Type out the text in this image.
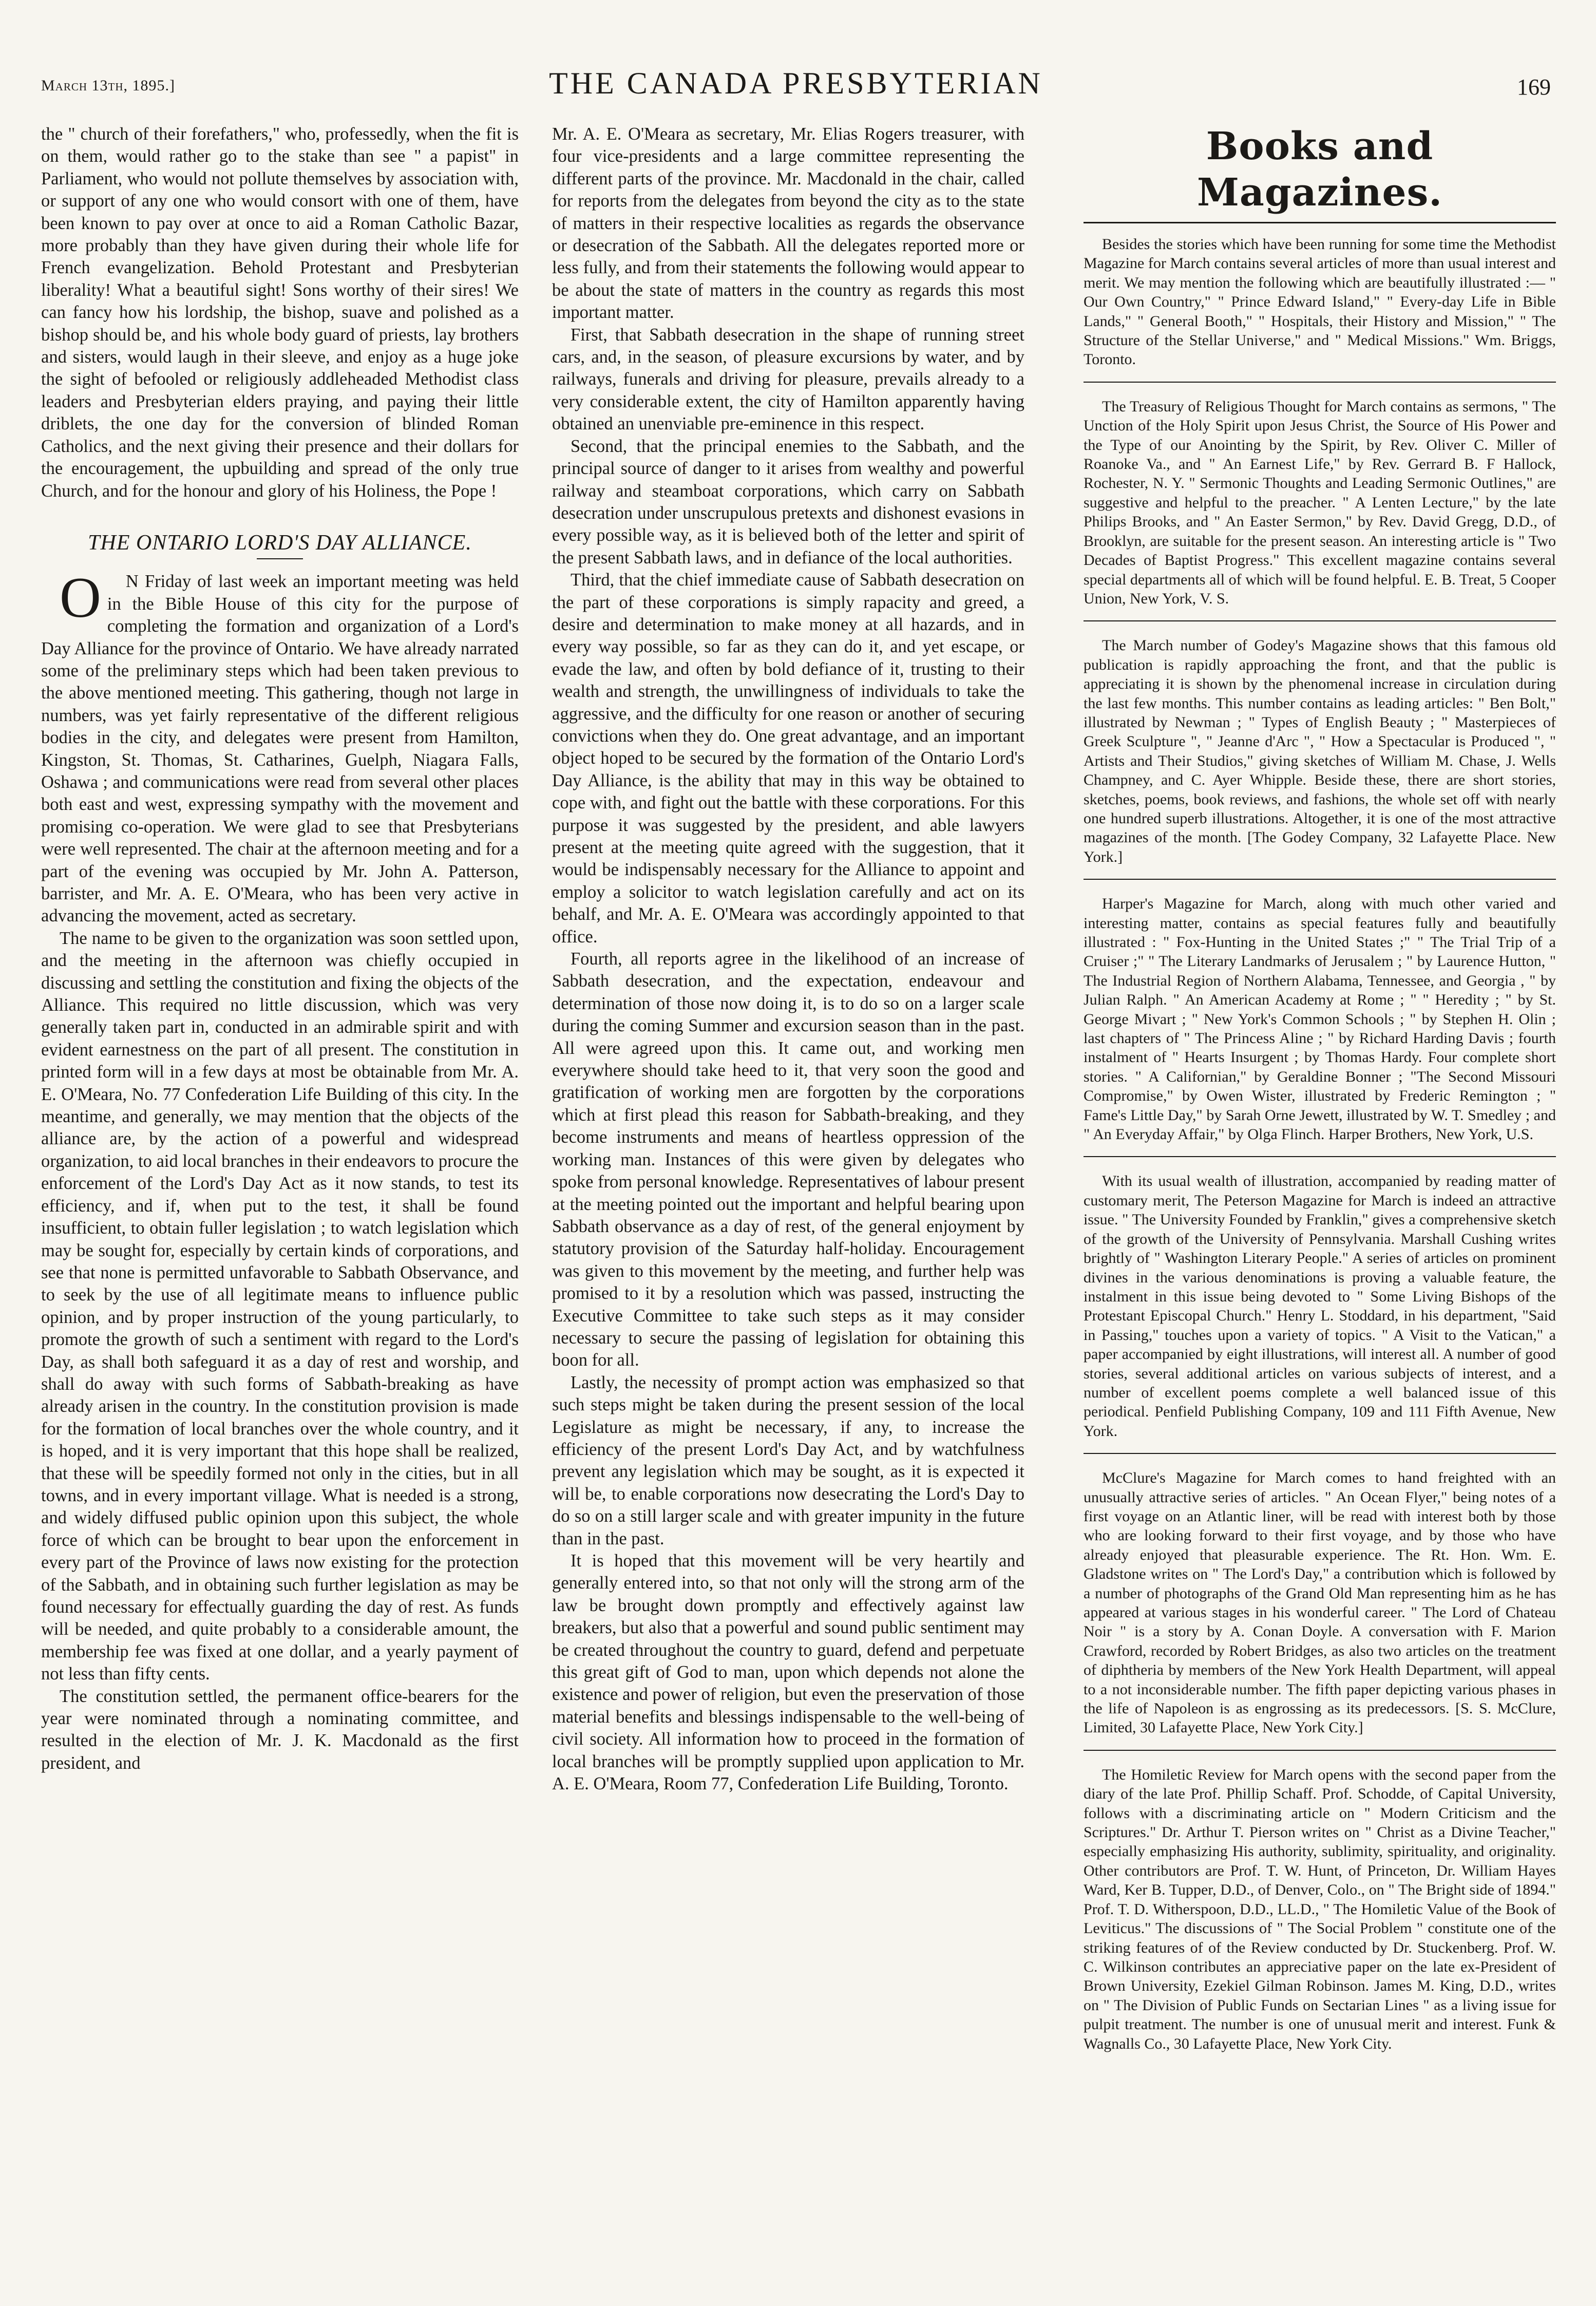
March 13th, 1895.]	THE CANADA PRESBYTERIAN	169

the " church of their forefathers," who, professedly, when the fit is on them, would rather go to the stake than see " a papist" in Parliament, who would not pollute themselves by association with, or support of any one who would consort with one of them, have been known to pay over at once to aid a Roman Catholic Bazar, more probably than they have given during their whole life for French evangelization. Behold Protestant and Presbyterian liberality! What a beautiful sight! Sons worthy of their sires! We can fancy how his lordship, the bishop, suave and polished as a bishop should be, and his whole body guard of priests, lay brothers and sisters, would laugh in their sleeve, and enjoy as a huge joke the sight of befooled or religiously addleheaded Methodist class leaders and Presbyterian elders praying, and paying their little driblets, the one day for the conversion of blinded Roman Catholics, and the next giving their presence and their dollars for the encouragement, the upbuilding and spread of the only true Church, and for the honour and glory of his Holiness, the Pope !

THE ONTARIO LORD'S DAY ALLIANCE.

O N Friday of last week an important meeting was held in the Bible House of this city for the purpose of completing the formation and organization of a Lord's Day Alliance for the province of Ontario. We have already narrated some of the preliminary steps which had been taken previous to the above mentioned meeting. This gathering, though not large in numbers, was yet fairly representative of the different religious bodies in the city, and delegates were present from Hamilton, Kingston, St. Thomas, St. Catharines, Guelph, Niagara Falls, Oshawa ; and communications were read from several other places both east and west, expressing sympathy with the movement and promising co-operation. We were glad to see that Presbyterians were well represented. The chair at the afternoon meeting and for a part of the evening was occupied by Mr. John A. Patterson, barrister, and Mr. A. E. O'Meara, who has been very active in advancing the movement, acted as secretary.

The name to be given to the organization was soon settled upon, and the meeting in the afternoon was chiefly occupied in discussing and settling the constitution and fixing the objects of the Alliance. This required no little discussion, which was very generally taken part in, conducted in an admirable spirit and with evident earnestness on the part of all present. The constitution in printed form will in a few days at most be obtainable from Mr. A. E. O'Meara, No. 77 Confederation Life Building of this city. In the meantime, and generally, we may mention that the objects of the alliance are, by the action of a powerful and widespread organization, to aid local branches in their endeavors to procure the enforcement of the Lord's Day Act as it now stands, to test its efficiency, and if, when put to the test, it shall be found insufficient, to obtain fuller legislation ; to watch legislation which may be sought for, especially by certain kinds of corporations, and see that none is permitted unfavorable to Sabbath Observance, and to seek by the use of all legitimate means to influence public opinion, and by proper instruction of the young particularly, to promote the growth of such a sentiment with regard to the Lord's Day, as shall both safeguard it as a day of rest and worship, and shall do away with such forms of Sabbath-breaking as have already arisen in the country. In the constitution provision is made for the formation of local branches over the whole country, and it is hoped, and it is very important that this hope shall be realized, that these will be speedily formed not only in the cities, but in all towns, and in every important village. What is needed is a strong, and widely diffused public opinion upon this subject, the whole force of which can be brought to bear upon the enforcement in every part of the Province of laws now existing for the protection of the Sabbath, and in obtaining such further legislation as may be found necessary for effectually guarding the day of rest. As funds will be needed, and quite probably to a considerable amount, the membership fee was fixed at one dollar, and a yearly payment of not less than fifty cents.

The constitution settled, the permanent office-bearers for the year were nominated through a nominating committee, and resulted in the election of Mr. J. K. Macdonald as the first president, and

Mr. A. E. O'Meara as secretary, Mr. Elias Rogers treasurer, with four vice-presidents and a large committee representing the different parts of the province. Mr. Macdonald in the chair, called for reports from the delegates from beyond the city as to the state of matters in their respective localities as regards the observance or desecration of the Sabbath. All the delegates reported more or less fully, and from their statements the following would appear to be about the state of matters in the country as regards this most important matter.

First, that Sabbath desecration in the shape of running street cars, and, in the season, of pleasure excursions by water, and by railways, funerals and driving for pleasure, prevails already to a very considerable extent, the city of Hamilton apparently having obtained an unenviable pre-eminence in this respect.

Second, that the principal enemies to the Sabbath, and the principal source of danger to it arises from wealthy and powerful railway and steamboat corporations, which carry on Sabbath desecration under unscrupulous pretexts and dishonest evasions in every possible way, as it is believed both of the letter and spirit of the present Sabbath laws, and in defiance of the local authorities.

Third, that the chief immediate cause of Sabbath desecration on the part of these corporations is simply rapacity and greed, a desire and determination to make money at all hazards, and in every way possible, so far as they can do it, and yet escape, or evade the law, and often by bold defiance of it, trusting to their wealth and strength, the unwillingness of individuals to take the aggressive, and the difficulty for one reason or another of securing convictions when they do. One great advantage, and an important object hoped to be secured by the formation of the Ontario Lord's Day Alliance, is the ability that may in this way be obtained to cope with, and fight out the battle with these corporations. For this purpose it was suggested by the president, and able lawyers present at the meeting quite agreed with the suggestion, that it would be indispensably necessary for the Alliance to appoint and employ a solicitor to watch legislation carefully and act on its behalf, and Mr. A. E. O'Meara was accordingly appointed to that office.

Fourth, all reports agree in the likelihood of an increase of Sabbath desecration, and the expectation, endeavour and determination of those now doing it, is to do so on a larger scale during the coming Summer and excursion season than in the past. All were agreed upon this. It came out, and working men everywhere should take heed to it, that very soon the good and gratification of working men are forgotten by the corporations which at first plead this reason for Sabbath-breaking, and they become instruments and means of heartless oppression of the working man. Instances of this were given by delegates who spoke from personal knowledge. Representatives of labour present at the meeting pointed out the important and helpful bearing upon Sabbath observance as a day of rest, of the general enjoyment by statutory provision of the Saturday half-holiday. Encouragement was given to this movement by the meeting, and further help was promised to it by a resolution which was passed, instructing the Executive Committee to take such steps as it may consider necessary to secure the passing of legislation for obtaining this boon for all.

Lastly, the necessity of prompt action was emphasized so that such steps might be taken during the present session of the local Legislature as might be necessary, if any, to increase the efficiency of the present Lord's Day Act, and by watchfulness prevent any legislation which may be sought, as it is expected it will be, to enable corporations now desecrating the Lord's Day to do so on a still larger scale and with greater impunity in the future than in the past.

It is hoped that this movement will be very heartily and generally entered into, so that not only will the strong arm of the law be brought down promptly and effectively against law breakers, but also that a powerful and sound public sentiment may be created throughout the country to guard, defend and perpetuate this great gift of God to man, upon which depends not alone the existence and power of religion, but even the preservation of those material benefits and blessings indispensable to the well-being of civil society. All information how to proceed in the formation of local branches will be promptly supplied upon application to Mr. A. E. O'Meara, Room 77, Confederation Life Building, Toronto.

Books and Magazines.

Besides the stories which have been running for some time the Methodist Magazine for March contains several articles of more than usual interest and merit. We may mention the following which are beautifully illustrated :— " Our Own Country," " Prince Edward Island," " Every-day Life in Bible Lands," " General Booth," " Hospitals, their History and Mission," " The Structure of the Stellar Universe," and " Medical Missions." Wm. Briggs, Toronto.

The Treasury of Religious Thought for March contains as sermons, " The Unction of the Holy Spirit upon Jesus Christ, the Source of His Power and the Type of our Anointing by the Spirit, by Rev. Oliver C. Miller of Roanoke Va., and " An Earnest Life," by Rev. Gerrard B. F Hallock, Rochester, N. Y. " Sermonic Thoughts and Leading Sermonic Outlines," are suggestive and helpful to the preacher. " A Lenten Lecture," by the late Philips Brooks, and " An Easter Sermon," by Rev. David Gregg, D.D., of Brooklyn, are suitable for the present season. An interesting article is " Two Decades of Baptist Progress." This excellent magazine contains several special departments all of which will be found helpful. E. B. Treat, 5 Cooper Union, New York, V. S.

The March number of Godey's Magazine shows that this famous old publication is rapidly approaching the front, and that the public is appreciating it is shown by the phenomenal increase in circulation during the last few months. This number contains as leading articles: " Ben Bolt," illustrated by Newman ; " Types of English Beauty ; " Masterpieces of Greek Sculpture ", " Jeanne d'Arc ", " How a Spectacular is Produced ", " Artists and Their Studios," giving sketches of William M. Chase, J. Wells Champney, and C. Ayer Whipple. Beside these, there are short stories, sketches, poems, book reviews, and fashions, the whole set off with nearly one hundred superb illustrations. Altogether, it is one of the most attractive magazines of the month. [The Godey Company, 32 Lafayette Place. New York.]

Harper's Magazine for March, along with much other varied and interesting matter, contains as special features fully and beautifully illustrated : " Fox-Hunting in the United States ;" " The Trial Trip of a Cruiser ;" " The Literary Landmarks of Jerusalem ; " by Laurence Hutton, " The Industrial Region of Northern Alabama, Tennessee, and Georgia , " by Julian Ralph. " An American Academy at Rome ; " " Heredity ; " by St. George Mivart ; " New York's Common Schools ; " by Stephen H. Olin ; last chapters of " The Princess Aline ; " by Richard Harding Davis ; fourth instalment of " Hearts Insurgent ; by Thomas Hardy. Four complete short stories. " A Californian," by Geraldine Bonner ; "The Second Missouri Compromise," by Owen Wister, illustrated by Frederic Remington ; " Fame's Little Day," by Sarah Orne Jewett, illustrated by W. T. Smedley ; and " An Everyday Affair," by Olga Flinch. Harper Brothers, New York, U.S.

With its usual wealth of illustration, accompanied by reading matter of customary merit, The Peterson Magazine for March is indeed an attractive issue. " The University Founded by Franklin," gives a comprehensive sketch of the growth of the University of Pennsylvania. Marshall Cushing writes brightly of " Washington Literary People." A series of articles on prominent divines in the various denominations is proving a valuable feature, the instalment in this issue being devoted to " Some Living Bishops of the Protestant Episcopal Church." Henry L. Stoddard, in his department, "Said in Passing," touches upon a variety of topics. " A Visit to the Vatican," a paper accompanied by eight illustrations, will interest all. A number of good stories, several additional articles on various subjects of interest, and a number of excellent poems complete a well balanced issue of this periodical. Penfield Publishing Company, 109 and 111 Fifth Avenue, New York.

McClure's Magazine for March comes to hand freighted with an unusually attractive series of articles. " An Ocean Flyer," being notes of a first voyage on an Atlantic liner, will be read with interest both by those who are looking forward to their first voyage, and by those who have already enjoyed that pleasurable experience. The Rt. Hon. Wm. E. Gladstone writes on " The Lord's Day," a contribution which is followed by a number of photographs of the Grand Old Man representing him as he has appeared at various stages in his wonderful career. " The Lord of Chateau Noir " is a story by A. Conan Doyle. A conversation with F. Marion Crawford, recorded by Robert Bridges, as also two articles on the treatment of diphtheria by members of the New York Health Department, will appeal to a not inconsiderable number. The fifth paper depicting various phases in the life of Napoleon is as engrossing as its predecessors. [S. S. McClure, Limited, 30 Lafayette Place, New York City.]

The Homiletic Review for March opens with the second paper from the diary of the late Prof. Phillip Schaff. Prof. Schodde, of Capital University, follows with a discriminating article on " Modern Criticism and the Scriptures." Dr. Arthur T. Pierson writes on " Christ as a Divine Teacher," especially emphasizing His authority, sublimity, spirituality, and originality. Other contributors are Prof. T. W. Hunt, of Princeton, Dr. William Hayes Ward, Ker B. Tupper, D.D., of Denver, Colo., on " The Bright side of 1894." Prof. T. D. Witherspoon, D.D., LL.D., " The Homiletic Value of the Book of Leviticus." The discussions of " The Social Problem " constitute one of the striking features of of the Review conducted by Dr. Stuckenberg. Prof. W. C. Wilkinson contributes an appreciative paper on the late ex-President of Brown University, Ezekiel Gilman Robinson. James M. King, D.D., writes on " The Division of Public Funds on Sectarian Lines " as a living issue for pulpit treatment. The number is one of unusual merit and interest. Funk & Wagnalls Co., 30 Lafayette Place, New York City.
